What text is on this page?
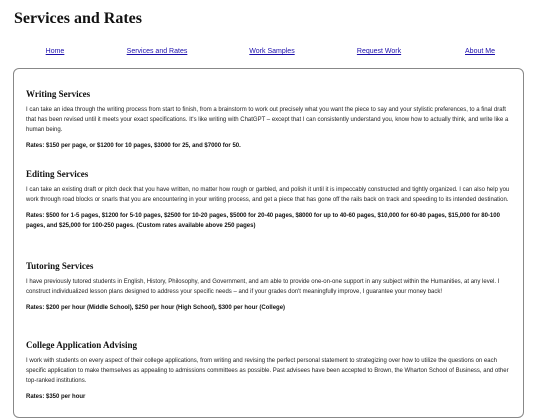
Services and Rates
Home	Services and Rates	Work Samples	Request Work	About Me
Writing Services

I can take an idea through the writing process from start to finish, from a brainstorm to work out precisely what you want the piece to say and your stylistic preferences, to a final draft that has been revised until it meets your exact specifications. It's like writing with ChatGPT – except that I can consistently understand you, know how to actually think, and write like a human being.

Rates: $150 per page, or $1200 for 10 pages, $3000 for 25, and $7000 for 50.

Editing Services

I can take an existing draft or pitch deck that you have written, no matter how rough or garbled, and polish it until it is impeccably constructed and tightly organized. I can also help you work through road blocks or snarls that you are encountering in your writing process, and get a piece that has gone off the rails back on track and speeding to its intended destination.

Rates: $500 for 1-5 pages, $1200 for 5-10 pages, $2500 for 10-20 pages, $5000 for 20-40 pages, $8000 for up to 40-60 pages, $10,000 for 60-80 pages, $15,000 for 80-100 pages, and $25,000 for 100-250 pages. (Custom rates available above 250 pages)

Tutoring Services

I have previously tutored students in English, History, Philosophy, and Government, and am able to provide one-on-one support in any subject within the Humanities, at any level. I construct individualized lesson plans designed to address your specific needs – and if your grades don't meaningfully improve, I guarantee your money back!

Rates: $200 per hour (Middle School), $250 per hour (High School), $300 per hour (College)

College Application Advising

I work with students on every aspect of their college applications, from writing and revising the perfect personal statement to strategizing over how to utilize the questions on each specific application to make themselves as appealing to admissions committees as possible. Past advisees have been accepted to Brown, the Wharton School of Business, and other top-ranked institutions.

Rates: $350 per hour
